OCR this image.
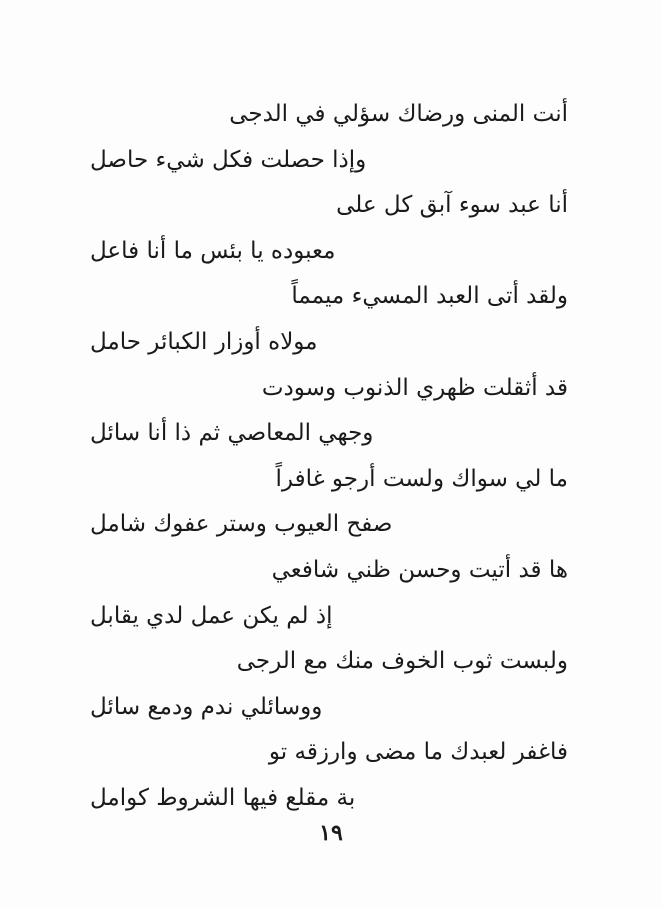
أنت المنى ورضاك سؤلي في الدجى
وإذا حصلت فكل شيء حاصل
أنا عبد سوء آبق كل على
معبوده يا بئس ما أنا فاعل
ولقد أتى العبد المسيء ميمماً
مولاه أوزار الكبائر حامل
قد أثقلت ظهري الذنوب وسودت
وجهي المعاصي ثم ذا أنا سائل
ما لي سواك ولست أرجو غافراً
صفح العيوب وستر عفوك شامل
ها قد أتيت وحسن ظني شافعي
إذ لم يكن عمل لدي يقابل
ولبست ثوب الخوف منك مع الرجى
ووسائلي ندم ودمع سائل
فاغفر لعبدك ما مضى وارزقه تو
بة مقلع فيها الشروط كوامل
١٩
